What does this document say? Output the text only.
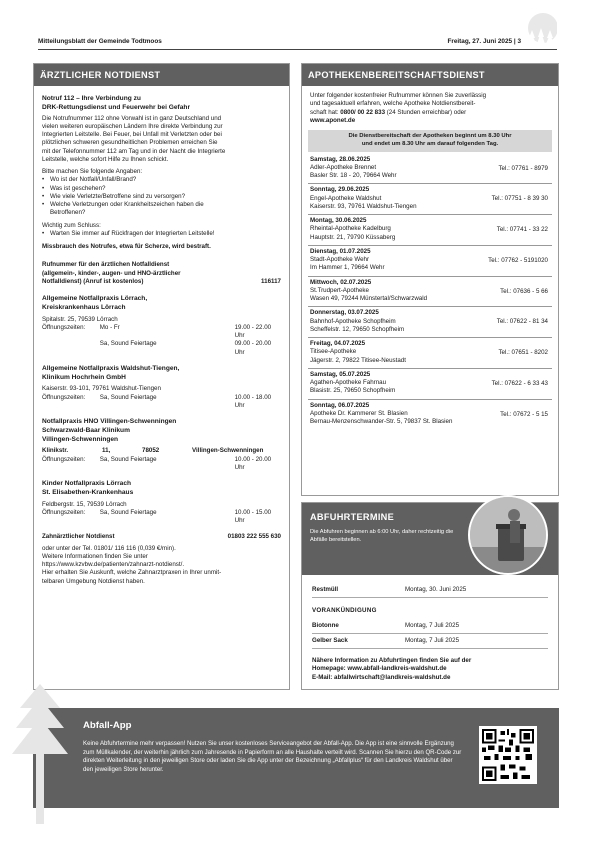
Mitteilungsblatt der Gemeinde Todtmoos	Freitag, 27. Juni 2025 | 3
ÄRZTLICHER NOTDIENST
Notruf 112 – Ihre Verbindung zu
DRK-Rettungsdienst und Feuerwehr bei Gefahr
Die Notrufnummer 112 ohne Vorwahl ist in ganz Deutschland und
vielen weiteren europäischen Ländern Ihre direkte Verbindung zur
Integrierten Leitstelle. Bei Feuer, bei Unfall mit Verletzten oder bei
plötzlichen schweren gesundheitlichen Problemen erreichen Sie
mit der Telefonnummer 112 am Tag und in der Nacht die Integrierte
Leitstelle, welche sofort Hilfe zu Ihnen schickt.
Bitte machen Sie folgende Angaben:
• Wo ist der Notfall/Unfall/Brand?
• Was ist geschehen?
• Wie viele Verletzte/Betroffene sind zu versorgen?
• Welche Verletzungen oder Krankheitszeichen haben die
Betroffenen?
Wichtig zum Schluss:
• Warten Sie immer auf Rückfragen der Integrierten Leitstelle!
Missbrauch des Notrufes, etwa für Scherze, wird bestraft.
Rufnummer für den ärztlichen Notfalldienst
(allgemein-, kinder-, augen- und HNO-ärztlicher
Notfalldienst) (Anruf ist kostenlos)	116117
Allgemeine Notfallpraxis Lörrach,
Kreiskrankenhaus Lörrach
Spitalstr. 25, 79539 Lörrach
Öffnungszeiten:	Mo - Fr	19.00 - 22.00 Uhr
Sa, Sound Feiertage	09.00 - 20.00 Uhr
Allgemeine Notfallpraxis Waldshut-Tiengen,
Klinikum Hochrhein GmbH
Kaiserstr. 93-101, 79761 Waldshut-Tiengen
Öffnungszeiten:	Sa, Sound Feiertage	10.00 - 18.00 Uhr
Notfallpraxis HNO Villingen-Schwenningen
Schwarzwald-Baar Klinikum
Villingen-Schwenningen
Klinikstr.	11,	78052	Villingen-Schwenningen
Öffnungszeiten:	Sa, Sound Feiertage	10.00 - 20.00 Uhr
Kinder Notfallpraxis Lörrach
St. Elisabethen-Krankenhaus
Feldbergstr. 15, 79539 Lörrach
Öffnungszeiten:	Sa, Sound Feiertage	10.00 - 15.00 Uhr
Zahnärztlicher Notdienst	01803 222 555 630
oder unter der Tel. 01801/ 116 116 (0,039 €/min).
Weitere Informationen finden Sie unter
https://www.kzvbw.de/patienten/zahnarzt-notdienst/.
Hier erhalten Sie Auskunft, welche Zahnarztpraxen in Ihrer unmit-
telbaren Umgebung Notdienst haben.
APOTHEKENBEREITSCHAFTSDIENST
Unter folgender kostenfreier Rufnummer können Sie zuverlässig
und tagesaktuell erfahren, welche Apotheke Notdienstbereit-
schaft hat: 0800/ 00 22 833 (24 Stunden erreichbar) oder
www.aponet.de
Die Dienstbereitschaft der Apotheken beginnt um 8.30 Uhr
und endet um 8.30 Uhr am darauf folgenden Tag.
Samstag, 28.06.2025
Adler-Apotheke Brennet
Basler Str. 18 - 20, 79664 Wehr
Tel.: 07761 - 8979
Sonntag, 29.06.2025
Engel-Apotheke Waldshut
Kaiserstr. 93, 79761 Waldshut-Tiengen
Tel.: 07751 - 8 39 30
Montag, 30.06.2025
Rheintal-Apotheke Kadelburg
Hauptstr. 21, 79790 Küssaberg
Tel.: 07741 - 33 22
Dienstag, 01.07.2025
Stadt-Apotheke Wehr
Im Hammer 1, 79664 Wehr
Tel.: 07762 - 5191020
Mittwoch, 02.07.2025
St.Trudpert-Apotheke
Wasen 49, 79244 Münstertal/Schwarzwald
Tel.: 07636 - 5 66
Donnerstag, 03.07.2025
Bahnhof-Apotheke Schopfheim
Scheffelstr. 12, 79650 Schopfheim
Tel.: 07622 - 81 34
Freitag, 04.07.2025
Titisee-Apotheke
Jägerstr. 2, 79822 Titisee-Neustadt
Tel.: 07651 - 8202
Samstag, 05.07.2025
Agathen-Apotheke Fahrnau
Blasistr. 25, 79650 Schopfheim
Tel.: 07622 - 6 33 43
Sonntag, 06.07.2025
Apotheke Dr. Kammerer St. Blasien
Bernau-Menzenschwander-Str. 5, 79837 St. Blasien
Tel.: 07672 - 5 15
ABFUHRTERMINE
Die Abfuhren beginnen ab 6:00 Uhr, daher rechtzeitig die Abfälle bereitstellen.
Restmüll	Montag, 30. Juni 2025
VORANKÜNDIGUNG
Biotonne	Montag, 7 Juli 2025
Gelber Sack	Montag, 7 Juli 2025
Nähere Information zu Abfuhrtingen finden Sie auf der
Homepage: www.abfall-landkreis-waldshut.de
E-Mail: abfallwirtschaft@landkreis-waldshut.de
Abfall-App
Keine Abfuhrtermine mehr verpassen! Nutzen Sie unser kostenloses Serviceangebot der Abfall-App. Die App ist eine sinnvolle Ergänzung zum Müllkalender, der weiterhin jährlich zum Jahresende in Papierform an alle Haushalte verteilt wird. Scannen Sie hierzu den QR-Code zur direkten Weiterleitung in den jeweiligen Store oder laden Sie die App unter der Bezeichnung „Abfallplus“ für den Landkreis Waldshut über den jeweiligen Store herunter.
